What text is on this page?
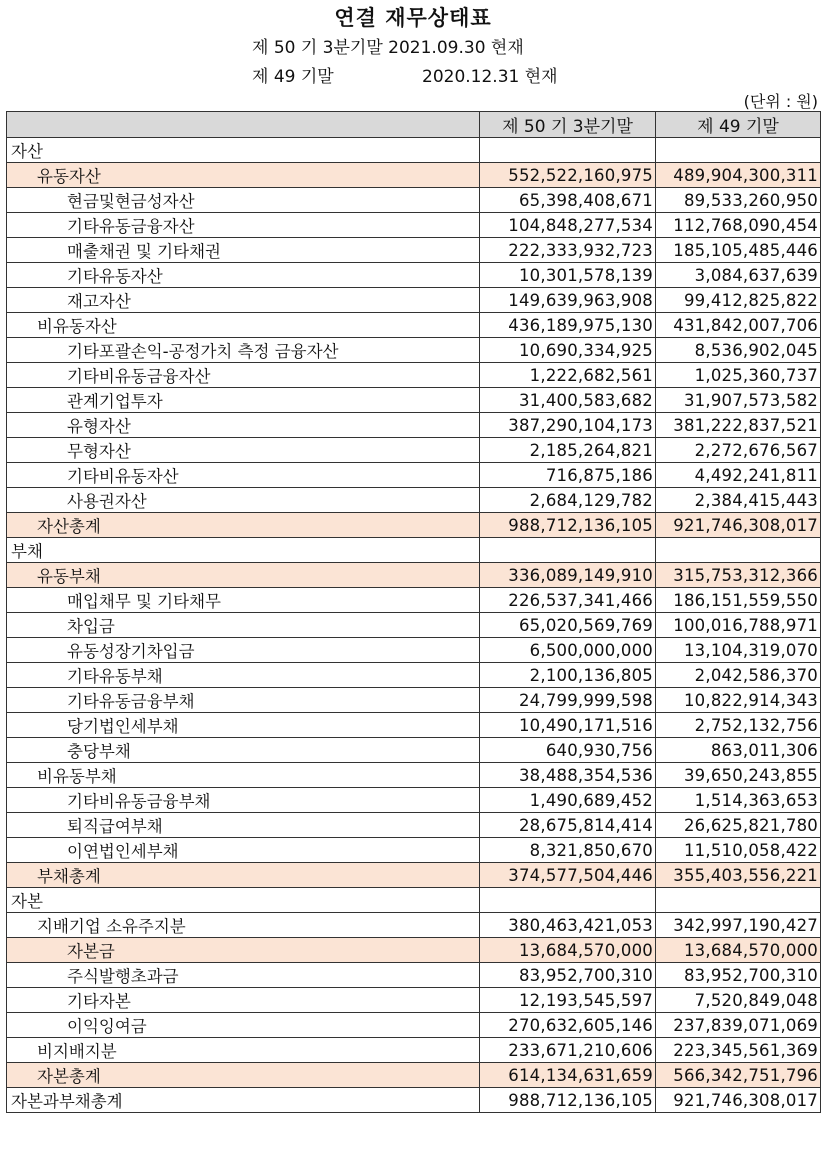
연결 재무상태표
제 50 기 3분기말 2021.09.30 현재
제 49 기말	2020.12.31 현재
(단위 : 원)
	제 50 기 3분기말	제 49 기말
자산		
유동자산	552,522,160,975	489,904,300,311
현금및현금성자산	65,398,408,671	89,533,260,950
기타유동금융자산	104,848,277,534	112,768,090,454
매출채권 및 기타채권	222,333,932,723	185,105,485,446
기타유동자산	10,301,578,139	3,084,637,639
재고자산	149,639,963,908	99,412,825,822
비유동자산	436,189,975,130	431,842,007,706
기타포괄손익-공정가치 측정 금융자산	10,690,334,925	8,536,902,045
기타비유동금융자산	1,222,682,561	1,025,360,737
관계기업투자	31,400,583,682	31,907,573,582
유형자산	387,290,104,173	381,222,837,521
무형자산	2,185,264,821	2,272,676,567
기타비유동자산	716,875,186	4,492,241,811
사용권자산	2,684,129,782	2,384,415,443
자산총계	988,712,136,105	921,746,308,017
부채		
유동부채	336,089,149,910	315,753,312,366
매입채무 및 기타채무	226,537,341,466	186,151,559,550
차입금	65,020,569,769	100,016,788,971
유동성장기차입금	6,500,000,000	13,104,319,070
기타유동부채	2,100,136,805	2,042,586,370
기타유동금융부채	24,799,999,598	10,822,914,343
당기법인세부채	10,490,171,516	2,752,132,756
충당부채	640,930,756	863,011,306
비유동부채	38,488,354,536	39,650,243,855
기타비유동금융부채	1,490,689,452	1,514,363,653
퇴직급여부채	28,675,814,414	26,625,821,780
이연법인세부채	8,321,850,670	11,510,058,422
부채총계	374,577,504,446	355,403,556,221
자본		
지배기업 소유주지분	380,463,421,053	342,997,190,427
자본금	13,684,570,000	13,684,570,000
주식발행초과금	83,952,700,310	83,952,700,310
기타자본	12,193,545,597	7,520,849,048
이익잉여금	270,632,605,146	237,839,071,069
비지배지분	233,671,210,606	223,345,561,369
자본총계	614,134,631,659	566,342,751,796
자본과부채총계	988,712,136,105	921,746,308,017
